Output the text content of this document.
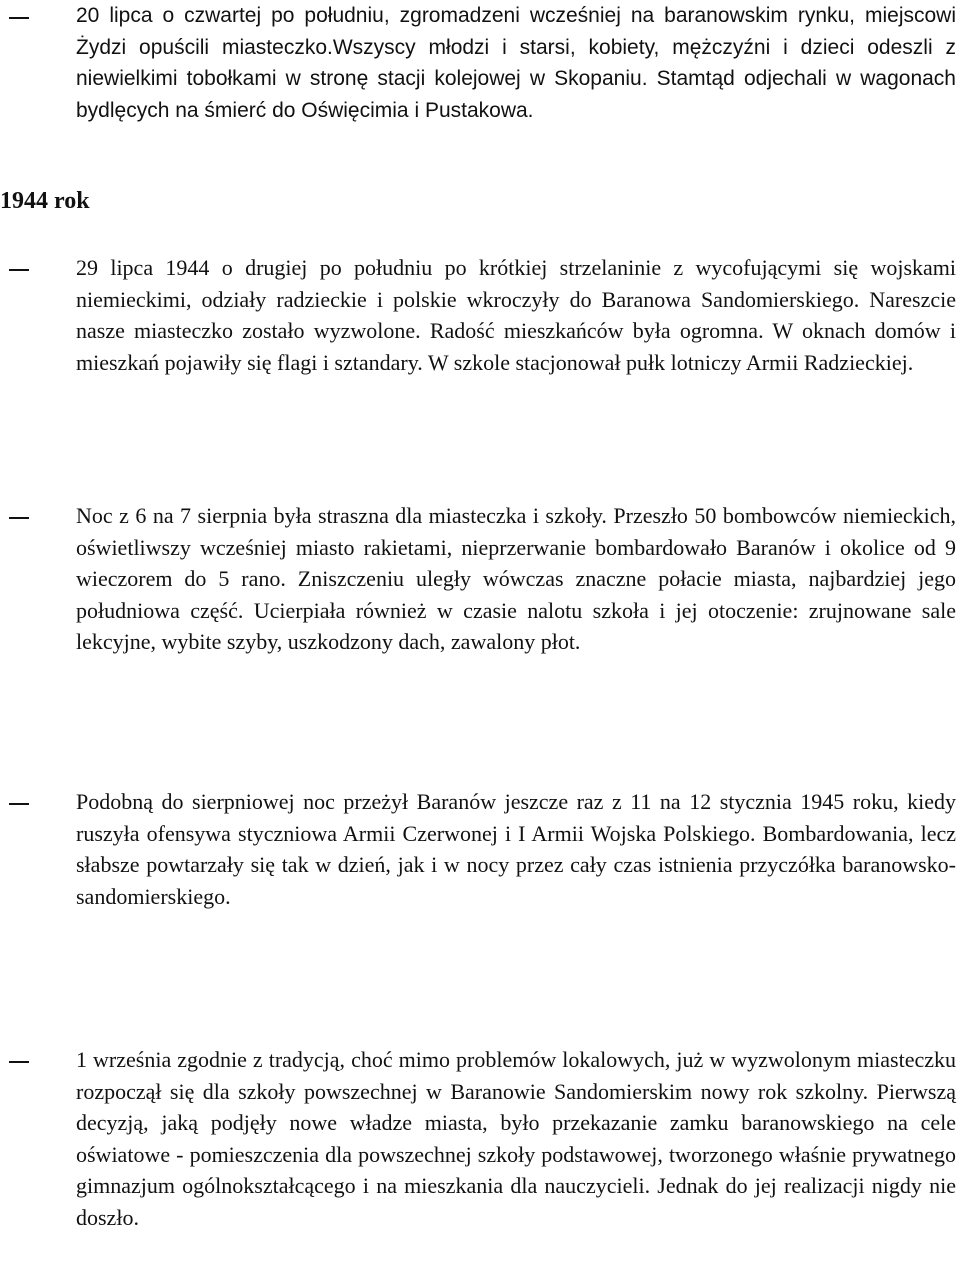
20 lipca o czwartej po południu, zgromadzeni wcześniej na baranowskim rynku, miejscowi Żydzi opuścili miasteczko.Wszyscy młodzi i starsi, kobiety, mężczyźni i dzieci odeszli z niewielkimi tobołkami w stronę stacji kolejowej w Skopaniu. Stamtąd odjechali w wagonach bydlęcych na śmierć do Oświęcimia i Pustakowa.

1944 rok

29 lipca 1944 o drugiej po południu po krótkiej strzelaninie z wycofującymi się wojskami niemieckimi, odziały radzieckie i polskie wkroczyły do Baranowa Sandomierskiego. Nareszcie nasze miasteczko zostało wyzwolone. Radość mieszkańców była ogromna. W oknach domów i mieszkań pojawiły się flagi i sztandary. W szkole stacjonował pułk lotniczy Armii Radzieckiej.

Noc z 6 na 7 sierpnia była straszna dla miasteczka i szkoły. Przeszło 50 bombowców niemieckich, oświetliwszy wcześniej miasto rakietami, nieprzerwanie bombardowało Baranów i okolice od 9 wieczorem do 5 rano. Zniszczeniu uległy wówczas znaczne połacie miasta, najbardziej jego południowa część. Ucierpiała również w czasie nalotu szkoła i jej otoczenie: zrujnowane sale lekcyjne, wybite szyby, uszkodzony dach, zawalony płot.

Podobną do sierpniowej noc przeżył Baranów jeszcze raz z 11 na 12 stycznia 1945 roku, kiedy ruszyła ofensywa styczniowa Armii Czerwonej i I Armii Wojska Polskiego. Bombardowania, lecz słabsze powtarzały się tak w dzień, jak i w nocy przez cały czas istnienia przyczółka baranowsko-sandomierskiego.

1 września zgodnie z tradycją, choć mimo problemów lokalowych, już w wyzwolonym miasteczku rozpoczął się dla szkoły powszechnej w Baranowie Sandomierskim nowy rok szkolny. Pierwszą decyzją, jaką podjęły nowe władze miasta, było przekazanie zamku baranowskiego na cele oświatowe - pomieszczenia dla powszechnej szkoły podstawowej, tworzonego właśnie prywatnego gimnazjum ogólnokształcącego i na mieszkania dla nauczycieli. Jednak do jej realizacji nigdy nie doszło.
